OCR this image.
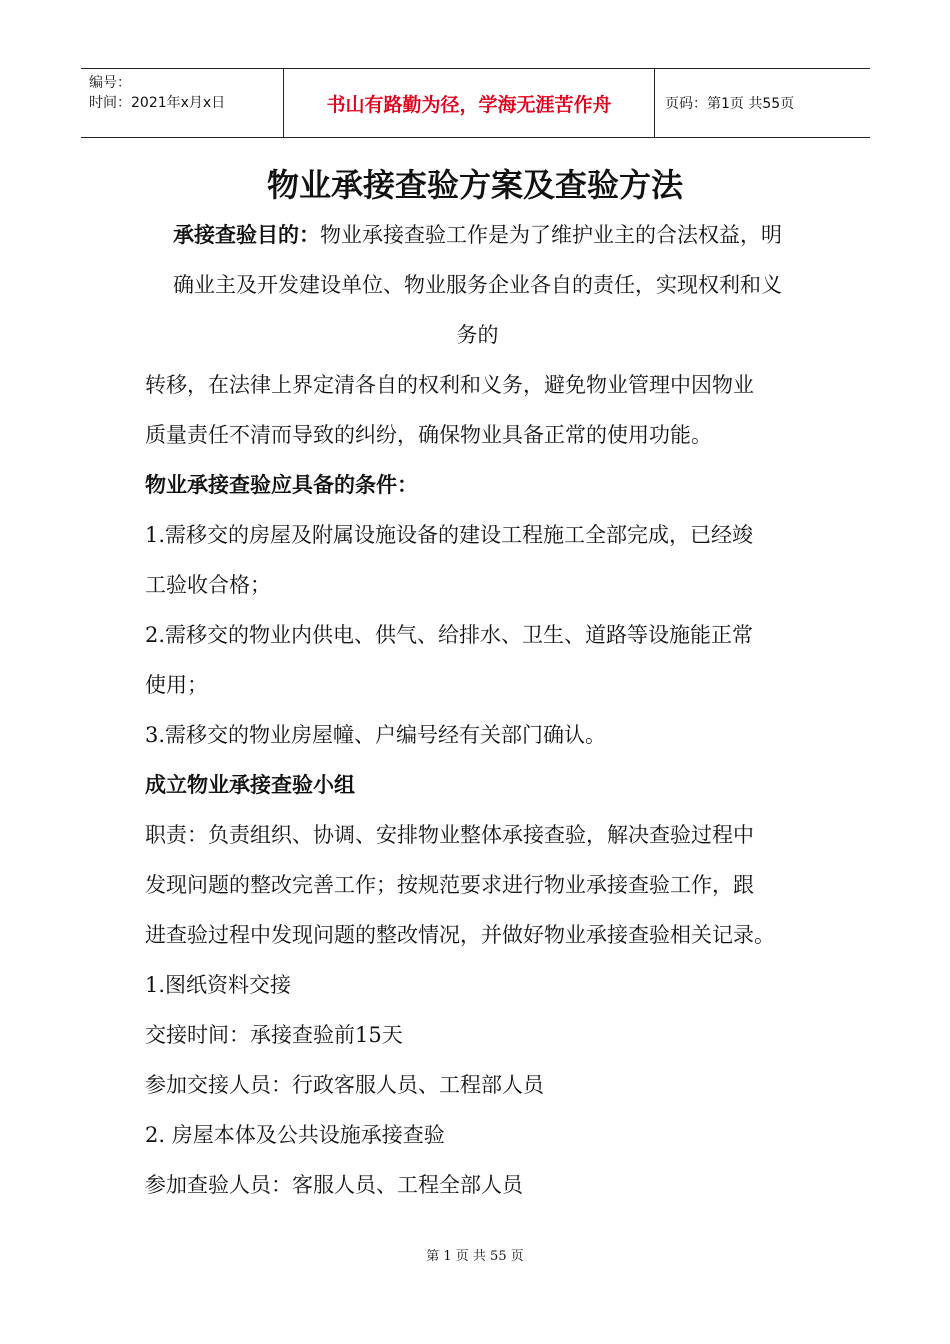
编号：
时间：2021年x月x日	书山有路勤为径，学海无涯苦作舟	页码：第1页 共55页
物业承接查验方案及查验方法
承接查验目的：物业承接查验工作是为了维护业主的合法权益，明
确业主及开发建设单位、物业服务企业各自的责任，实现权利和义
务的
转移，在法律上界定清各自的权利和义务，避免物业管理中因物业
质量责任不清而导致的纠纷，确保物业具备正常的使用功能。
物业承接查验应具备的条件：
1.需移交的房屋及附属设施设备的建设工程施工全部完成，已经竣
工验收合格；
2.需移交的物业内供电、供气、给排水、卫生、道路等设施能正常
使用；
3.需移交的物业房屋幢、户编号经有关部门确认。
成立物业承接查验小组
职责：负责组织、协调、安排物业整体承接查验，解决查验过程中
发现问题的整改完善工作；按规范要求进行物业承接查验工作，跟
进查验过程中发现问题的整改情况，并做好物业承接查验相关记录。
1.图纸资料交接
交接时间：承接查验前15天
参加交接人员：行政客服人员、工程部人员
2. 房屋本体及公共设施承接查验
参加查验人员：客服人员、工程全部人员
第 1 页 共 55 页
